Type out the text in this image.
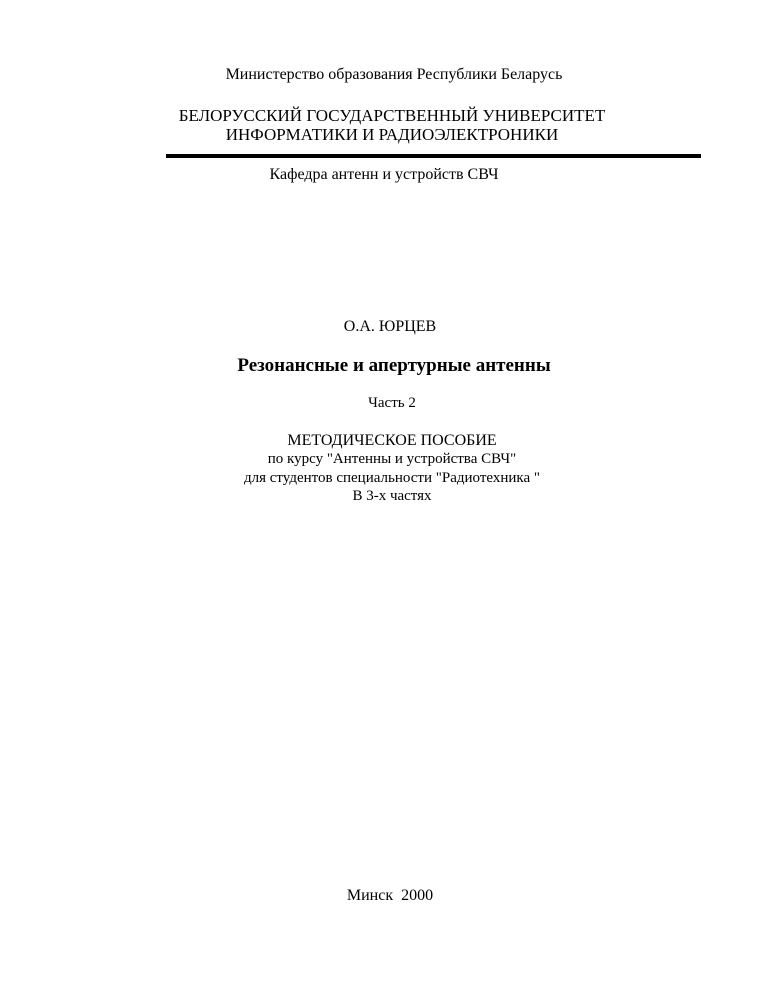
Министерство образования Республики Беларусь
БЕЛОРУССКИЙ ГОСУДАРСТВЕННЫЙ УНИВЕРСИТЕТ
ИНФОРМАТИКИ И РАДИОЭЛЕКТРОНИКИ
Кафедра антенн и устройств СВЧ
О.А. ЮРЦЕВ
Резонансные и апертурные антенны
Часть 2
МЕТОДИЧЕСКОЕ ПОСОБИЕ
по курсу "Антенны и устройства СВЧ"
для студентов специальности "Радиотехника "
В 3-х частях
Минск  2000
